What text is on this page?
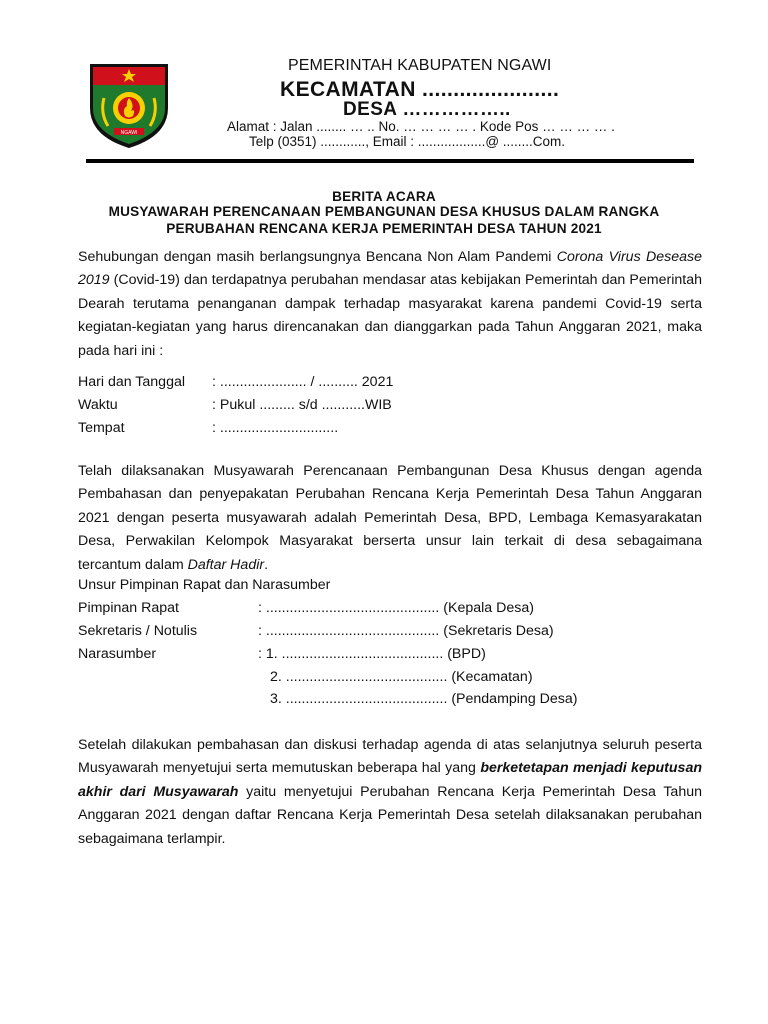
NGAWI
PEMERINTAH KABUPATEN NGAWI
KECAMATAN ......................
DESA ……………..
Alamat : Jalan ........ … .. No. … … … … . Kode Pos … … … … .
Telp (0351) ............, Email : ..................@ ........Com.
BERITA ACARA
MUSYAWARAH PERENCANAAN PEMBANGUNAN DESA KHUSUS DALAM RANGKA
PERUBAHAN RENCANA KERJA PEMERINTAH DESA TAHUN 2021

Sehubungan dengan masih berlangsungnya Bencana Non Alam Pandemi Corona Virus Desease 2019 (Covid-19) dan terdapatnya perubahan mendasar atas kebijakan Pemerintah dan Pemerintah Dearah terutama penanganan dampak terhadap masyarakat karena pandemi Covid-19 serta kegiatan-kegiatan yang harus direncanakan dan dianggarkan pada Tahun Anggaran 2021, maka pada hari ini :

Hari dan Tanggal : ...................... / .......... 2021
Waktu	: Pukul ......... s/d ...........WIB
Tempat	: ..............................

Telah dilaksanakan Musyawarah Perencanaan Pembangunan Desa Khusus dengan agenda Pembahasan dan penyepakatan Perubahan Rencana Kerja Pemerintah Desa Tahun Anggaran 2021 dengan peserta musyawarah adalah Pemerintah Desa, BPD, Lembaga Kemasyarakatan Desa, Perwakilan Kelompok Masyarakat berserta unsur lain terkait di desa sebagaimana tercantum dalam Daftar Hadir.

Unsur Pimpinan Rapat dan Narasumber
Pimpinan Rapat	: ............................................ (Kepala Desa)
Sekretaris / Notulis	: ............................................ (Sekretaris Desa)
Narasumber	: 1. ......................................... (BPD)
2. ......................................... (Kecamatan)
3. ......................................... (Pendamping Desa)

Setelah dilakukan pembahasan dan diskusi terhadap agenda di atas selanjutnya seluruh peserta Musyawarah menyetujui serta memutuskan beberapa hal yang berketetapan menjadi keputusan akhir dari Musyawarah yaitu menyetujui Perubahan Rencana Kerja Pemerintah Desa Tahun Anggaran 2021 dengan daftar Rencana Kerja Pemerintah Desa setelah dilaksanakan perubahan sebagaimana terlampir.
